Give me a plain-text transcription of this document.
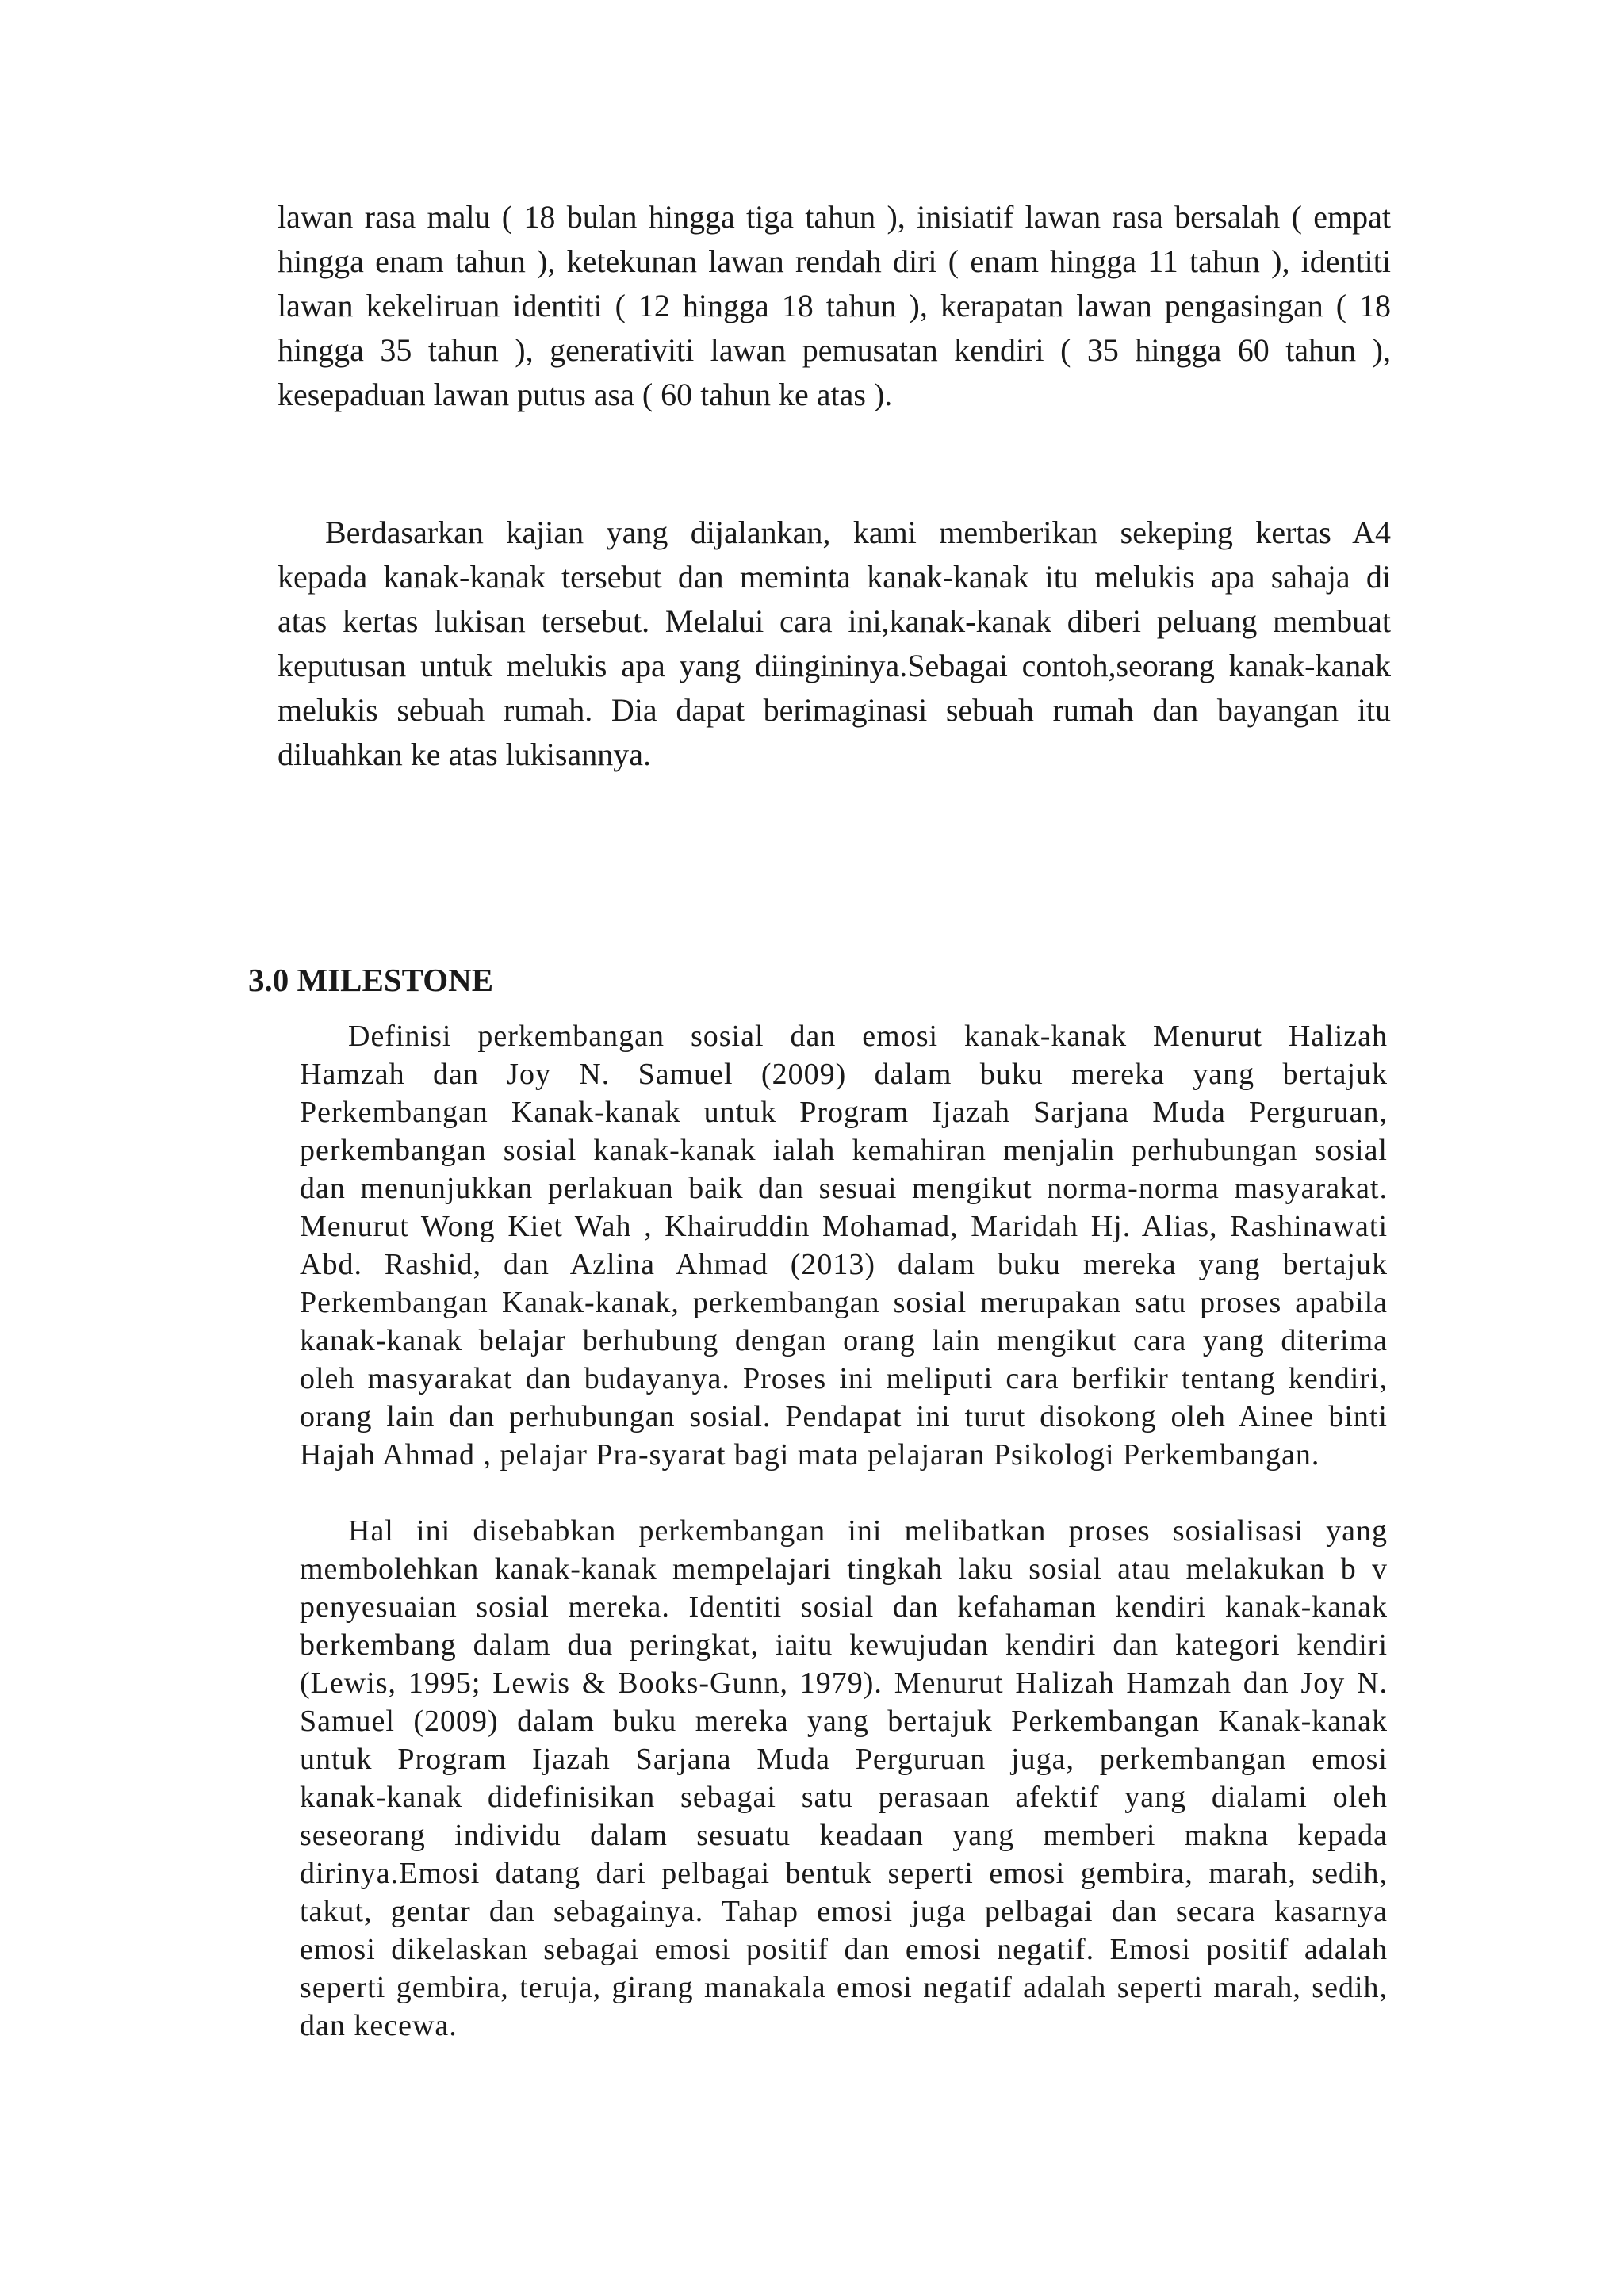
lawan rasa malu ( 18 bulan hingga tiga tahun ), inisiatif lawan rasa bersalah ( empat
hingga enam tahun ), ketekunan lawan rendah diri ( enam hingga 11 tahun ), identiti
lawan kekeliruan identiti ( 12 hingga 18 tahun ), kerapatan lawan pengasingan ( 18
hingga 35 tahun ), generativiti lawan pemusatan kendiri ( 35 hingga 60 tahun ),
kesepaduan lawan putus asa ( 60 tahun ke atas ).
Berdasarkan kajian yang dijalankan, kami memberikan sekeping kertas A4
kepada kanak-kanak tersebut dan meminta kanak-kanak itu melukis apa sahaja di
atas kertas lukisan tersebut. Melalui cara ini,kanak-kanak diberi peluang membuat
keputusan untuk melukis apa yang diingininya.Sebagai contoh,seorang kanak-kanak
melukis sebuah rumah. Dia dapat berimaginasi sebuah rumah dan bayangan itu
diluahkan ke atas lukisannya.
3.0 MILESTONE
Definisi perkembangan sosial dan emosi kanak-kanak Menurut Halizah
Hamzah dan Joy N. Samuel (2009) dalam buku mereka yang bertajuk
Perkembangan Kanak-kanak untuk Program Ijazah Sarjana Muda Perguruan,
perkembangan sosial kanak-kanak ialah kemahiran menjalin perhubungan sosial
dan menunjukkan perlakuan baik dan sesuai mengikut norma-norma masyarakat.
Menurut Wong Kiet Wah , Khairuddin Mohamad, Maridah Hj. Alias, Rashinawati
Abd. Rashid, dan Azlina Ahmad (2013) dalam buku mereka yang bertajuk
Perkembangan Kanak-kanak, perkembangan sosial merupakan satu proses apabila
kanak-kanak belajar berhubung dengan orang lain mengikut cara yang diterima
oleh masyarakat dan budayanya. Proses ini meliputi cara berfikir tentang kendiri,
orang lain dan perhubungan sosial. Pendapat ini turut disokong oleh Ainee binti
Hajah Ahmad , pelajar Pra-syarat bagi mata pelajaran Psikologi Perkembangan.
Hal ini disebabkan perkembangan ini melibatkan proses sosialisasi yang
membolehkan kanak-kanak mempelajari tingkah laku sosial atau melakukan b v
penyesuaian sosial mereka. Identiti sosial dan kefahaman kendiri kanak-kanak
berkembang dalam dua peringkat, iaitu kewujudan kendiri dan kategori kendiri
(Lewis, 1995; Lewis & Books-Gunn, 1979). Menurut Halizah Hamzah dan Joy N.
Samuel (2009) dalam buku mereka yang bertajuk Perkembangan Kanak-kanak
untuk Program Ijazah Sarjana Muda Perguruan juga, perkembangan emosi
kanak-kanak didefinisikan sebagai satu perasaan afektif yang dialami oleh
seseorang individu dalam sesuatu keadaan yang memberi makna kepada
dirinya.Emosi datang dari pelbagai bentuk seperti emosi gembira, marah, sedih,
takut, gentar dan sebagainya. Tahap emosi juga pelbagai dan secara kasarnya
emosi dikelaskan sebagai emosi positif dan emosi negatif. Emosi positif adalah
seperti gembira, teruja, girang manakala emosi negatif adalah seperti marah, sedih,
dan kecewa.
